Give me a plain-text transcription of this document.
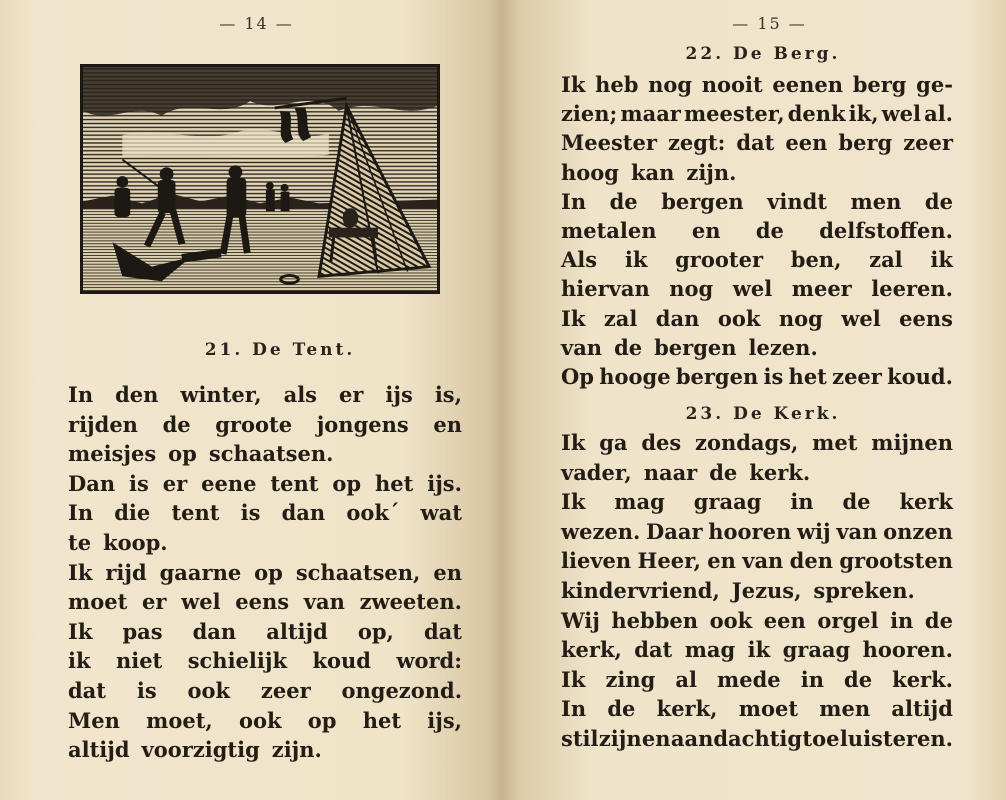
— 14 —
21. De Tent.
In den winter, als er ijs is,
rijden de groote jongens en
meisjes op schaatsen.
Dan is er eene tent op het ijs.
In die tent is dan ook´ wat
te koop.
Ik rijd gaarne op schaatsen, en
moet er wel eens van zweeten.
Ik pas dan altijd op, dat
ik niet schielijk koud word:
dat is ook zeer ongezond.
Men moet, ook op het ijs,
altijd voorzigtig zijn.
— 15 —
22. De Berg.
Ik heb nog nooit eenen berg ge-
zien; maar meester, denk ik, wel al.
Meester zegt: dat een berg zeer
hoog kan zijn.
In de bergen vindt men de
metalen en de delfstoffen.
Als ik grooter ben, zal ik
hiervan nog wel meer leeren.
Ik zal dan ook nog wel eens
van de bergen lezen.
Op hooge bergen is het zeer koud.
23. De Kerk.
Ik ga des zondags, met mijnen
vader, naar de kerk.
Ik mag graag in de kerk
wezen. Daar hooren wij van onzen
lieven Heer, en van den grootsten
kindervriend, Jezus, spreken.
Wij hebben ook een orgel in de
kerk, dat mag ik graag hooren.
Ik zing al mede in de kerk.
In de kerk, moet men altijd
stil zijn en aandachtig toe luisteren.
